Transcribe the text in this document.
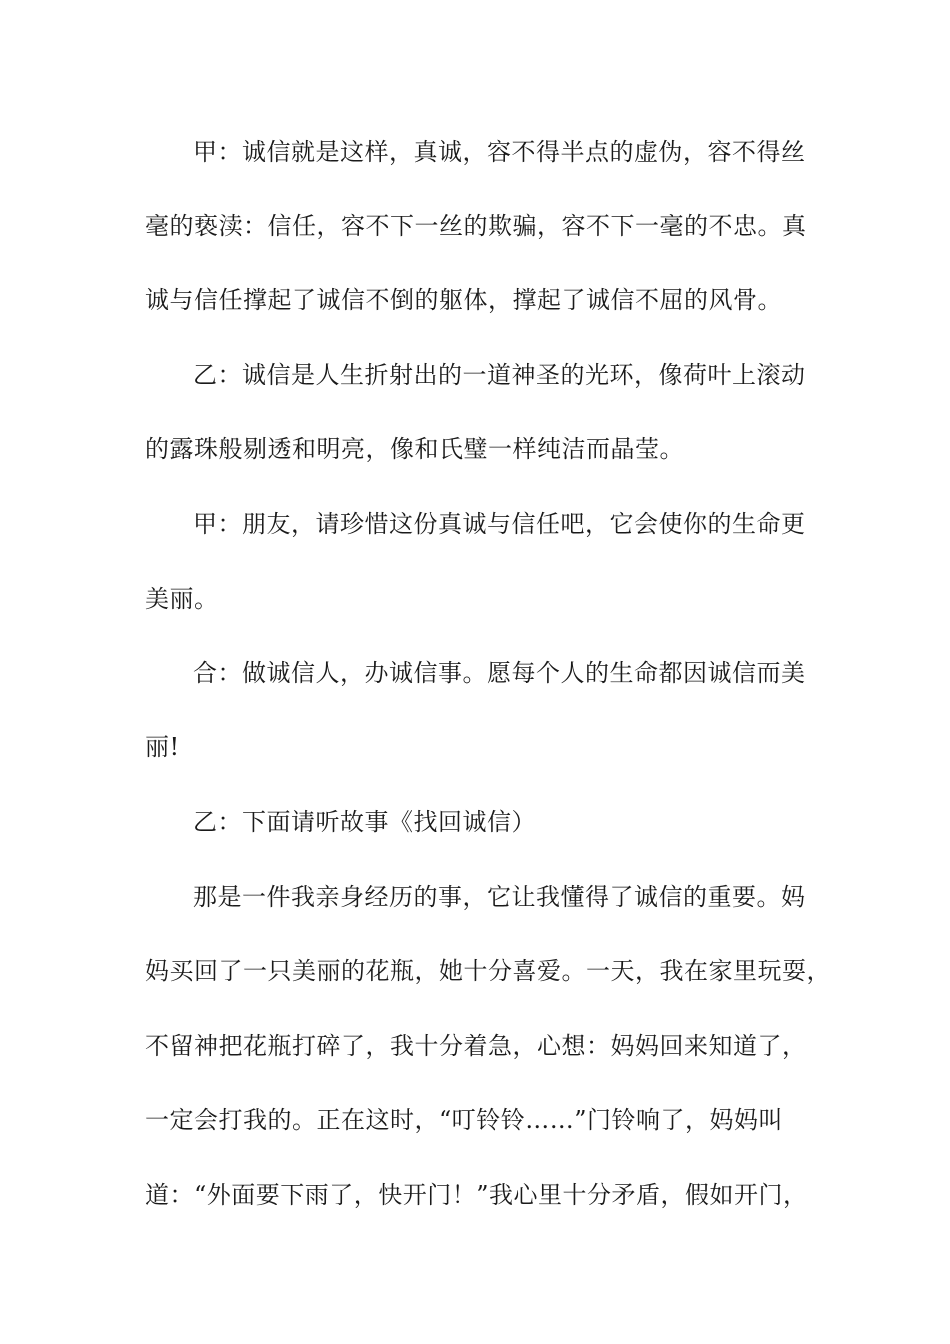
甲：诚信就是这样，真诚，容不得半点的虚伪，容不得丝
毫的亵渎：信任，容不下一丝的欺骗，容不下一毫的不忠。真
诚与信任撑起了诚信不倒的躯体，撑起了诚信不屈的风骨。
乙：诚信是人生折射出的一道神圣的光环，像荷叶上滚动
的露珠般剔透和明亮，像和氏璧一样纯洁而晶莹。
甲：朋友，请珍惜这份真诚与信任吧，它会使你的生命更
美丽。
合：做诚信人，办诚信事。愿每个人的生命都因诚信而美
丽!
乙：下面请听故事《找回诚信）
那是一件我亲身经历的事，它让我懂得了诚信的重要。妈
妈买回了一只美丽的花瓶，她十分喜爱。一天，我在家里玩耍，
不留神把花瓶打碎了，我十分着急，心想：妈妈回来知道了，
一定会打我的。正在这时，“叮铃铃……”门铃响了，妈妈叫
道：“外面要下雨了，快开门！”我心里十分矛盾，假如开门，
